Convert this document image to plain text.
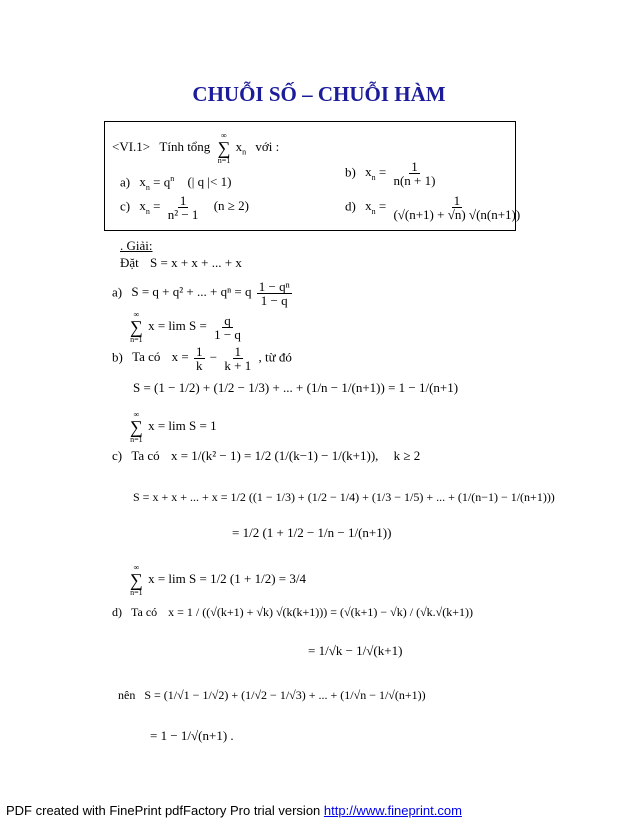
CHUỖI SỐ – CHUỖI HÀM
<VI.1> Tính tổng
∞
∑
n=1
$x_n$ với :
a) $x_n = q^n$ (| q |< 1)
b) $x_n = \frac{1}{n(n + 1)}$
c) $x_n = \frac{1}{\text{n² − 1}} (n \ge 2)$	d) $x_n = \frac{1}{(√(n+1) + √n) √(n(n+1))}$
. Giải:
Đặt S = x + x + ... + x
a) S = q + q² + ... + qⁿ = q $\frac{\text{1 − qⁿ}}{1 - q}$
∞
∑
n=1
$x = \lim S = \frac{q}{1 - q}$
b) Ta có $x = \frac{1}{k} - \frac{1}{k + 1}$ , từ đó
S = (1 − 1/2) + (1/2 − 1/3) + ... + (1/n − 1/(n+1)) = 1 − 1/(n+1)
∞
∑
n=1
x = lim S = 1
c) Ta có x = 1/(k² − 1) = 1/2 (1/(k−1) − 1/(k+1)), k ≥ 2
S = x + x + ... + x = 1/2 ((1 − 1/3) + (1/2 − 1/4) + (1/3 − 1/5) + ... + (1/(n−1) − 1/(n+1)))
= 1/2 (1 + 1/2 − 1/n − 1/(n+1))
∞
∑
n=1
x = lim S = 1/2 (1 + 1/2) = 3/4
d) Ta có x = 1 / ((√(k+1) + √k) √(k(k+1))) = (√(k+1) − √k) / (√k.√(k+1))
= 1/√k − 1/√(k+1)
nên S = (1/√1 − 1/√2) + (1/√2 − 1/√3) + ... + (1/√n − 1/√(n+1))
= 1 − 1/√(n+1) .
PDF created with FinePrint pdfFactory Pro trial version http://www.fineprint.com
